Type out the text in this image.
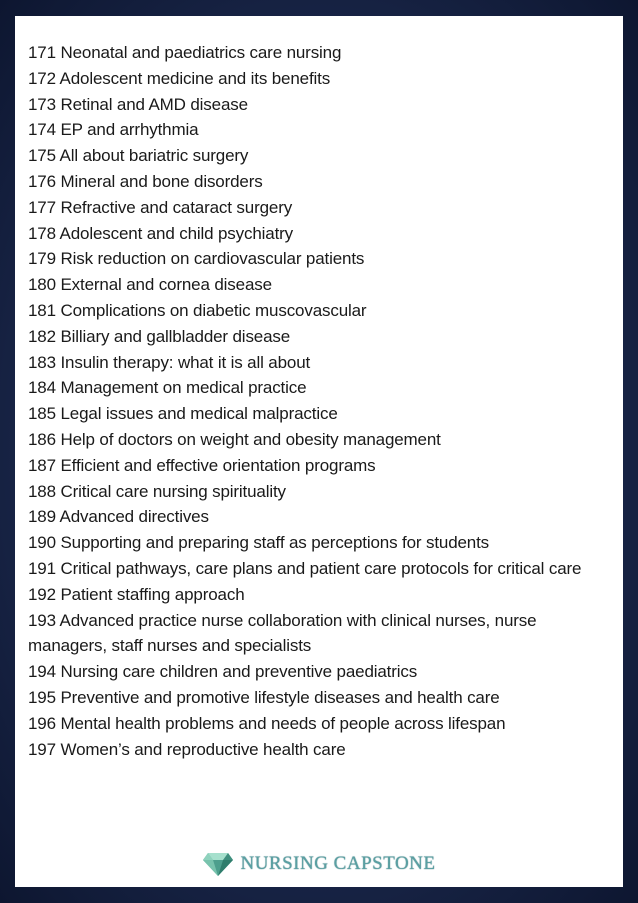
171 Neonatal and paediatrics care nursing
172 Adolescent medicine and its benefits
173 Retinal and AMD disease
174 EP and arrhythmia
175 All about bariatric surgery
176 Mineral and bone disorders
177 Refractive and cataract surgery
178 Adolescent and child psychiatry
179 Risk reduction on cardiovascular patients
180 External and cornea disease
181 Complications on diabetic muscovascular
182 Billiary and gallbladder disease
183 Insulin therapy: what it is all about
184 Management on medical practice
185 Legal issues and medical malpractice
186 Help of doctors on weight and obesity management
187 Efficient and effective orientation programs
188 Critical care nursing spirituality
189 Advanced directives
190 Supporting and preparing staff as perceptions for students
191 Critical pathways, care plans and patient care protocols for critical care
192 Patient staffing approach
193 Advanced practice nurse collaboration with clinical nurses, nurse managers, staff nurses and specialists
194 Nursing care children and preventive paediatrics
195 Preventive and promotive lifestyle diseases and health care
196 Mental health problems and needs of people across lifespan
197 Women’s and reproductive health care
NURSING CAPSTONE
